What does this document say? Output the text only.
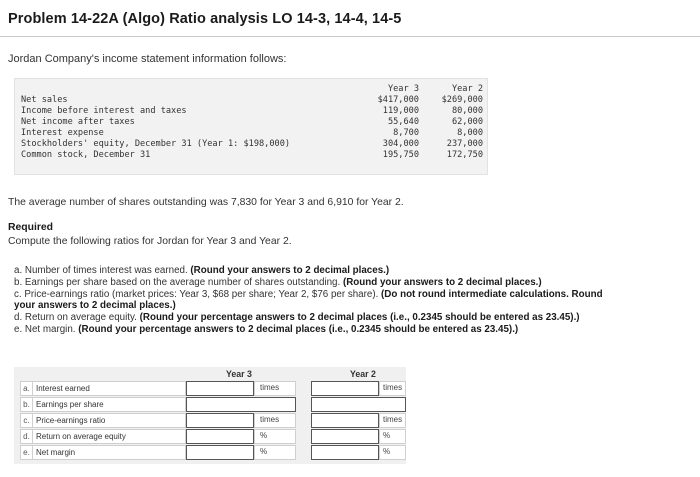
Problem 14-22A (Algo) Ratio analysis LO 14-3, 14-4, 14-5
Jordan Company's income statement information follows:
Year 3	Year 2
Net sales	$417,000	$269,000
Income before interest and taxes	119,000	80,000
Net income after taxes	55,640	62,000
Interest expense	8,700	8,000
Stockholders' equity, December 31 (Year 1: $198,000)	304,000	237,000
Common stock, December 31	195,750	172,750
The average number of shares outstanding was 7,830 for Year 3 and 6,910 for Year 2.
Required
Compute the following ratios for Jordan for Year 3 and Year 2.
a. Number of times interest was earned. (Round your answers to 2 decimal places.)
b. Earnings per share based on the average number of shares outstanding. (Round your answers to 2 decimal places.)
c. Price-earnings ratio (market prices: Year 3, $68 per share; Year 2, $76 per share). (Do not round intermediate calculations. Round
your answers to 2 decimal places.)
d. Return on average equity. (Round your percentage answers to 2 decimal places (i.e., 0.2345 should be entered as 23.45).)
e. Net margin. (Round your percentage answers to 2 decimal places (i.e., 0.2345 should be entered as 23.45).)
a. Interest earned	times	times
b. Earnings per share
c. Price-earnings ratio	times	times
d. Return on average equity	%	%
e. Net margin	%	%
Year 3	Year 2
